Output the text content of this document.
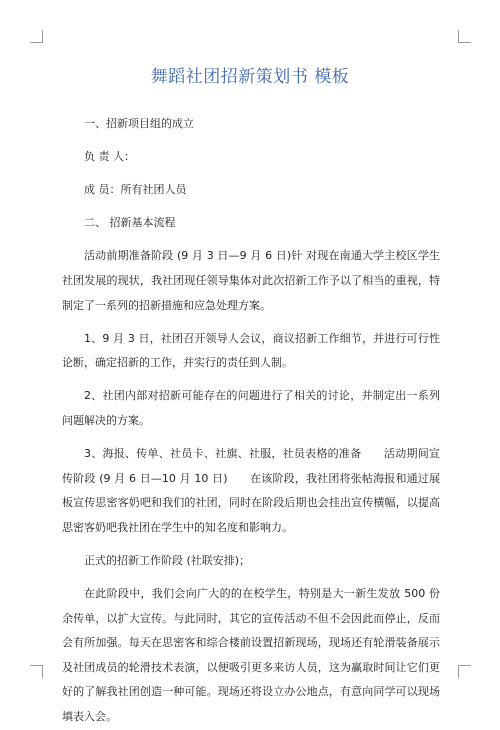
舞蹈社团招新策划书 模板

一、招新项目组的成立

负 责 人：

成 员：所有社团人员

二、 招新基本流程

活动前期准备阶段 (9 月 3 日—9 月 6 日)针 对现在南通大学主校区学生社团发展的现状，我社团现任领导集体对此次招新工作予以了相当的重视，特制定了一系列的招新措施和应急处理方案。

1、9 月 3 日，社团召开领导人会议，商议招新工作细节，并进行可行性论断，确定招新的工作，并实行的责任到人制。

2、社团内部对招新可能存在的问题进行了相关的讨论，并制定出一系列问题解决的方案。

3、海报、传单、社员卡、社旗、社服，社员表格的准备　　活动期间宣传阶段 (9 月 6 日—10 月 10 日)　　在该阶段，我社团将张帖海报和通过展板宣传思密客奶吧和我们的社团，同时在阶段后期也会挂出宣传横幅，以提高思密客奶吧我社团在学生中的知名度和影响力。

正式的招新工作阶段 (社联安排)；

在此阶段中，我们会向广大的的在校学生，特别是大一新生发放 500 份余传单，以扩大宣传。与此同时，其它的宣传活动不但不会因此而停止，反而会有所加强。每天在思密客和综合楼前设置招新现场，现场还有轮滑装备展示及社团成员的轮滑技术表演，以便吸引更多来访人员，这为赢取时间让它们更好的了解我社团创造一种可能。现场还将设立办公地点，有意向同学可以现场填表入会。
